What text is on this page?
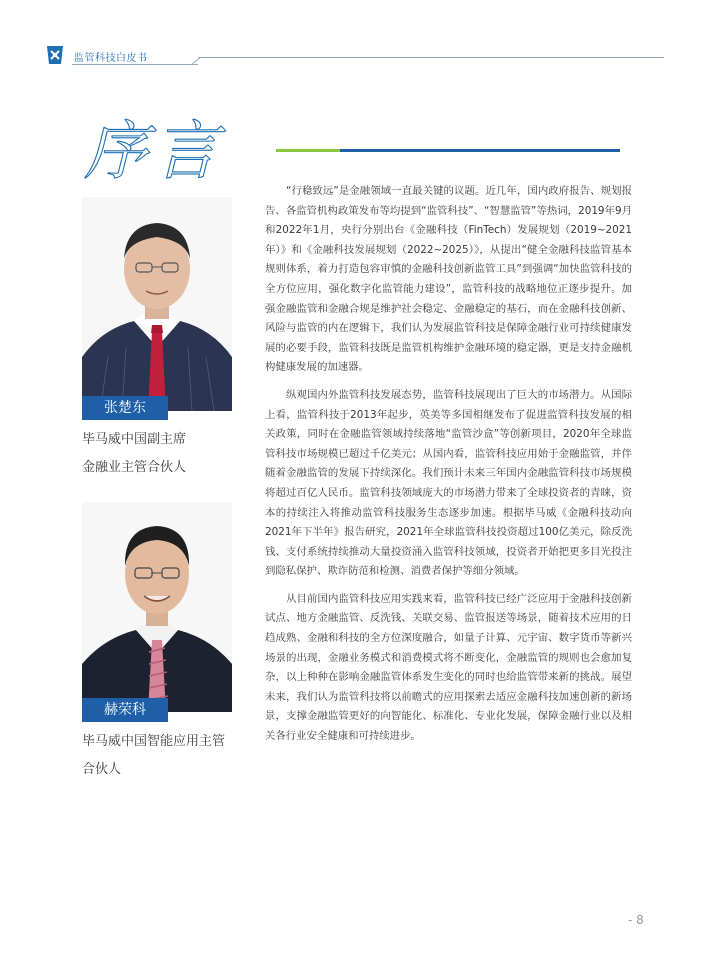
监管科技白皮书
序言
张楚东
毕马威中国副主席
金融业主管合伙人
赫荣科
毕马威中国智能应用主管
合伙人

“行稳致远”是金融领域一直最关键的议题。近几年，国内政府报告、规划报告、各监管机构政策发布等均提到“监管科技”、“智慧监管”等热词，2019年9月和2022年1月，央行分别出台《金融科技（FinTech）发展规划（2019~2021年）》和《金融科技发展规划（2022~2025）》，从提出“健全金融科技监管基本规则体系，着力打造包容审慎的金融科技创新监管工具”到强调“加快监管科技的全方位应用，强化数字化监管能力建设”，监管科技的战略地位正逐步提升。加强金融监管和金融合规是维护社会稳定、金融稳定的基石，而在金融科技创新、风险与监管的内在逻辑下，我们认为发展监管科技是保障金融行业可持续健康发展的必要手段，监管科技既是监管机构维护金融环境的稳定器，更是支持金融机构健康发展的加速器。

纵观国内外监管科技发展态势，监管科技展现出了巨大的市场潜力。从国际上看，监管科技于2013年起步，英美等多国相继发布了促进监管科技发展的相关政策，同时在金融监管领域持续落地“监管沙盒”等创新项目，2020年全球监管科技市场规模已超过千亿美元；从国内看，监管科技应用始于金融监管，并伴随着金融监管的发展下持续深化。我们预计未来三年国内金融监管科技市场规模将超过百亿人民币。监管科技领域庞大的市场潜力带来了全球投资者的青睐，资本的持续注入将推动监管科技服务生态逐步加速。根据毕马威《金融科技动向2021年下半年》报告研究，2021年全球监管科技投资超过100亿美元，除反洗钱、支付系统持续推动大量投资涌入监管科技领域，投资者开始把更多目光投注到隐私保护、欺诈防范和检测、消费者保护等细分领域。

从目前国内监管科技应用实践来看，监管科技已经广泛应用于金融科技创新试点、地方金融监管、反洗钱、关联交易、监管报送等场景，随着技术应用的日趋成熟、金融和科技的全方位深度融合，如量子计算、元宇宙、数字货币等新兴场景的出现，金融业务模式和消费模式将不断变化，金融监管的规则也会愈加复杂，以上种种在影响金融监管体系发生变化的同时也给监管带来新的挑战。展望未来，我们认为监管科技将以前瞻式的应用探索去适应金融科技加速创新的新场景，支撑金融监管更好的向智能化、标准化、专业化发展，保障金融行业以及相关各行业安全健康和可持续进步。

- 8
